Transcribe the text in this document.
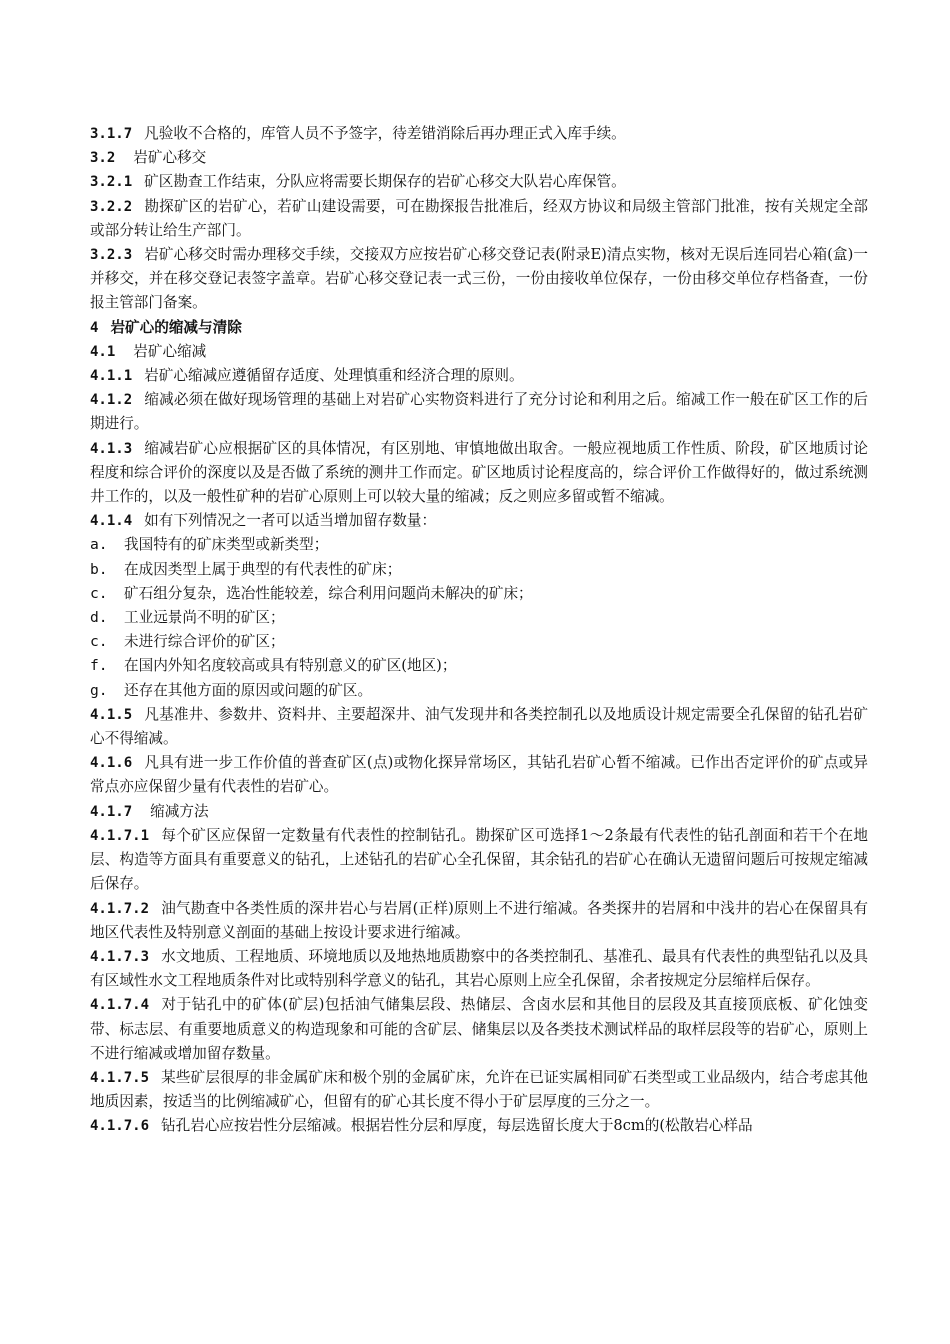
3.1.7 凡验收不合格的，库管人员不予签字，待差错消除后再办理正式入库手续。

3.2 岩矿心移交

3.2.1 矿区勘查工作结束，分队应将需要长期保存的岩矿心移交大队岩心库保管。

3.2.2 勘探矿区的岩矿心，若矿山建设需要，可在勘探报告批准后，经双方协议和局级主管部门批准，按有关规定全部或部分转让给生产部门。

3.2.3 岩矿心移交时需办理移交手续，交接双方应按岩矿心移交登记表(附录E)清点实物，核对无误后连同岩心箱(盒)一并移交，并在移交登记表签字盖章。岩矿心移交登记表一式三份，一份由接收单位保存，一份由移交单位存档备查，一份报主管部门备案。

4 岩矿心的缩减与清除

4.1 岩矿心缩减

4.1.1 岩矿心缩减应遵循留存适度、处理慎重和经济合理的原则。

4.1.2 缩减必须在做好现场管理的基础上对岩矿心实物资料进行了充分讨论和利用之后。缩减工作一般在矿区工作的后期进行。

4.1.3 缩减岩矿心应根据矿区的具体情况，有区别地、审慎地做出取舍。一般应视地质工作性质、阶段，矿区地质讨论程度和综合评价的深度以及是否做了系统的测井工作而定。矿区地质讨论程度高的，综合评价工作做得好的，做过系统测井工作的，以及一般性矿种的岩矿心原则上可以较大量的缩减；反之则应多留或暂不缩减。

4.1.4 如有下列情况之一者可以适当增加留存数量：

a. 我国特有的矿床类型或新类型；

b. 在成因类型上属于典型的有代表性的矿床；

c. 矿石组分复杂，选冶性能较差，综合利用问题尚未解决的矿床；

d. 工业远景尚不明的矿区；

c. 未进行综合评价的矿区；

f. 在国内外知名度较高或具有特别意义的矿区(地区)；

g. 还存在其他方面的原因或问题的矿区。

4.1.5 凡基准井、参数井、资料井、主要超深井、油气发现井和各类控制孔以及地质设计规定需要全孔保留的钻孔岩矿心不得缩减。

4.1.6 凡具有进一步工作价值的普查矿区(点)或物化探异常场区，其钻孔岩矿心暂不缩减。已作出否定评价的矿点或异常点亦应保留少量有代表性的岩矿心。

4.1.7 缩减方法

4.1.7.1 每个矿区应保留一定数量有代表性的控制钻孔。勘探矿区可选择1～2条最有代表性的钻孔剖面和若干个在地层、构造等方面具有重要意义的钻孔，上述钻孔的岩矿心全孔保留，其余钻孔的岩矿心在确认无遗留问题后可按规定缩减后保存。

4.1.7.2 油气勘查中各类性质的深井岩心与岩屑(正样)原则上不进行缩减。各类探井的岩屑和中浅井的岩心在保留具有地区代表性及特别意义剖面的基础上按设计要求进行缩减。

4.1.7.3 水文地质、工程地质、环境地质以及地热地质勘察中的各类控制孔、基准孔、最具有代表性的典型钻孔以及具有区域性水文工程地质条件对比或特别科学意义的钻孔，其岩心原则上应全孔保留，余者按规定分层缩样后保存。

4.1.7.4 对于钻孔中的矿体(矿层)包括油气储集层段、热储层、含卤水层和其他目的层段及其直接顶底板、矿化蚀变带、标志层、有重要地质意义的构造现象和可能的含矿层、储集层以及各类技术测试样品的取样层段等的岩矿心，原则上不进行缩减或增加留存数量。

4.1.7.5 某些矿层很厚的非金属矿床和极个别的金属矿床，允许在已证实属相同矿石类型或工业品级内，结合考虑其他地质因素，按适当的比例缩减矿心，但留有的矿心其长度不得小于矿层厚度的三分之一。

4.1.7.6 钻孔岩心应按岩性分层缩减。根据岩性分层和厚度，每层选留长度大于8cm的(松散岩心样品
